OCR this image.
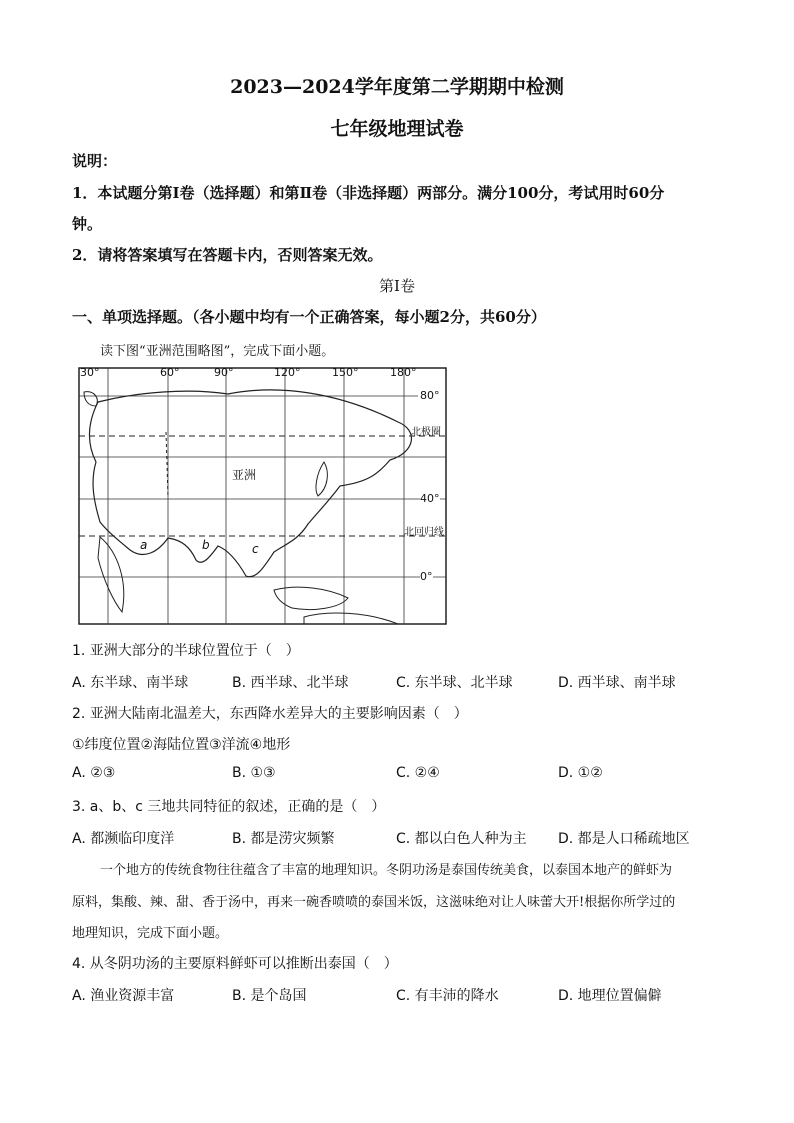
2023—2024学年度第二学期期中检测
七年级地理试卷
说明：
1．本试题分第Ⅰ卷（选择题）和第Ⅱ卷（非选择题）两部分。满分100分，考试用时60分
钟。
2．请将答案填写在答题卡内，否则答案无效。
第Ⅰ卷
一、单项选择题。（各小题中均有一个正确答案，每小题2分，共60分）
读下图“亚洲范围略图”，完成下面小题。
30°	60°	90°	120°	150°	180°
80°
40°
0°
北极圈
北回归线
亚洲
a	b	c
1. 亚洲大部分的半球位置位于（　）
A. 东半球、南半球	B. 西半球、北半球	C. 东半球、北半球	D. 西半球、南半球
2. 亚洲大陆南北温差大，东西降水差异大的主要影响因素（　）
①纬度位置②海陆位置③洋流④地形
A. ②③	B. ①③	C. ②④	D. ①②
3. a、b、c 三地共同特征的叙述，正确的是（　）
A. 都濒临印度洋	B. 都是涝灾频繁	C. 都以白色人种为主 D. 都是人口稀疏地区
一个地方的传统食物往往蕴含了丰富的地理知识。冬阴功汤是泰国传统美食，以泰国本地产的鲜虾为
原料，集酸、辣、甜、香于汤中，再来一碗香喷喷的泰国米饭，这滋味绝对让人味蕾大开!根据你所学过的
地理知识，完成下面小题。
4. 从冬阴功汤的主要原料鲜虾可以推断出泰国（　）
A. 渔业资源丰富	B. 是个岛国	C. 有丰沛的降水	D. 地理位置偏僻
